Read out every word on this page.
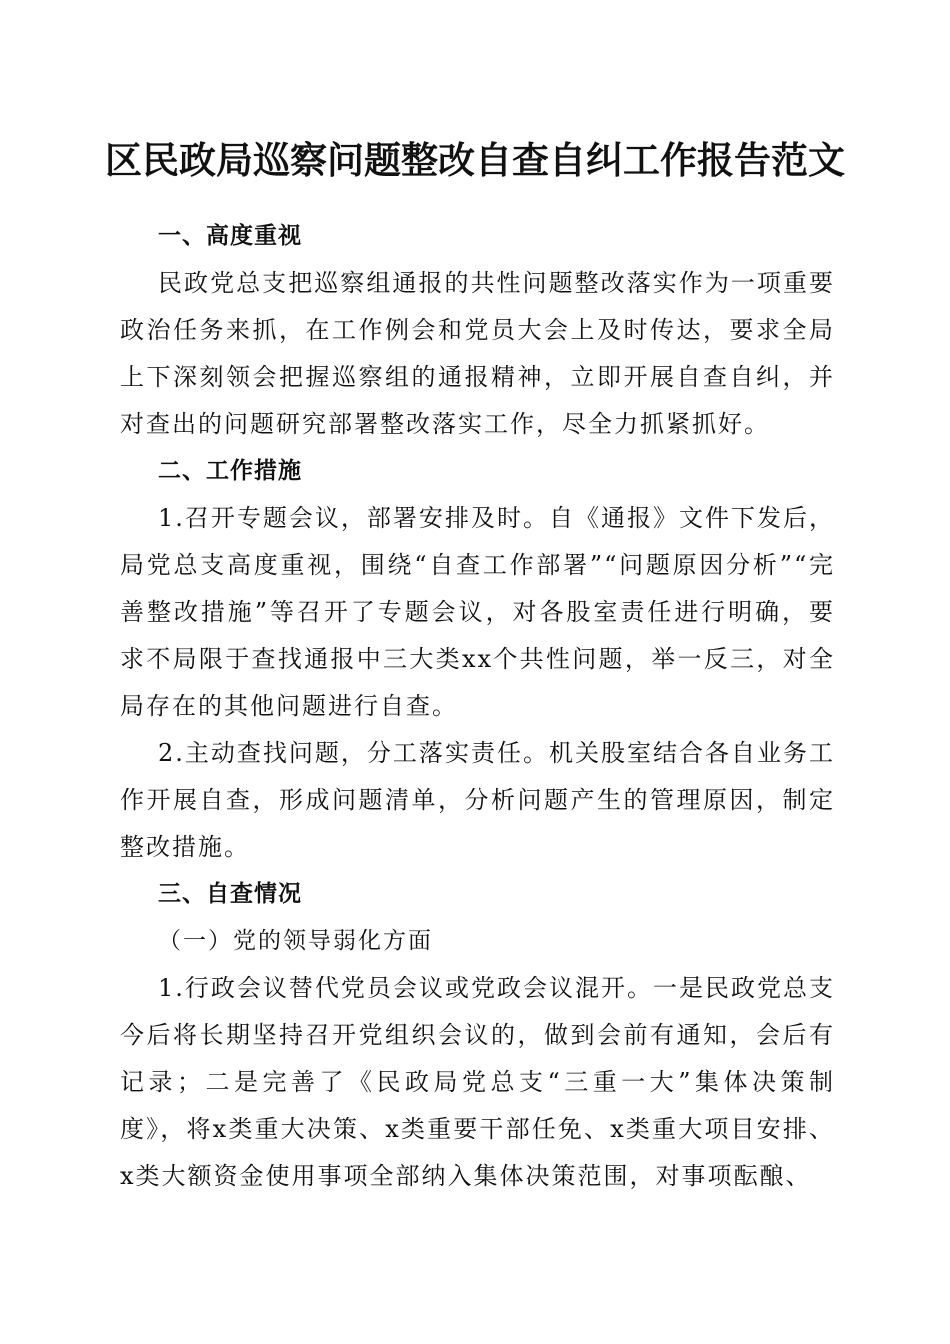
区民政局巡察问题整改自查自纠工作报告范文

一、高度重视

民政党总支把巡察组通报的共性问题整改落实作为一项重要政治任务来抓，在工作例会和党员大会上及时传达，要求全局上下深刻领会把握巡察组的通报精神，立即开展自查自纠，并对查出的问题研究部署整改落实工作，尽全力抓紧抓好。

二、工作措施

1.召开专题会议，部署安排及时。自《通报》文件下发后，局党总支高度重视，围绕“自查工作部署”“问题原因分析”“完善整改措施”等召开了专题会议，对各股室责任进行明确，要求不局限于查找通报中三大类xx个共性问题，举一反三，对全局存在的其他问题进行自查。

2.主动查找问题，分工落实责任。机关股室结合各自业务工作开展自查，形成问题清单，分析问题产生的管理原因，制定整改措施。

三、自查情况

（一）党的领导弱化方面

1.行政会议替代党员会议或党政会议混开。一是民政党总支今后将长期坚持召开党组织会议的，做到会前有通知，会后有记录；二是完善了《民政局党总支“三重一大”集体决策制度》，将x类重大决策、x类重要干部任免、x类重大项目安排、x类大额资金使用事项全部纳入集体决策范围，对事项酝酿、
